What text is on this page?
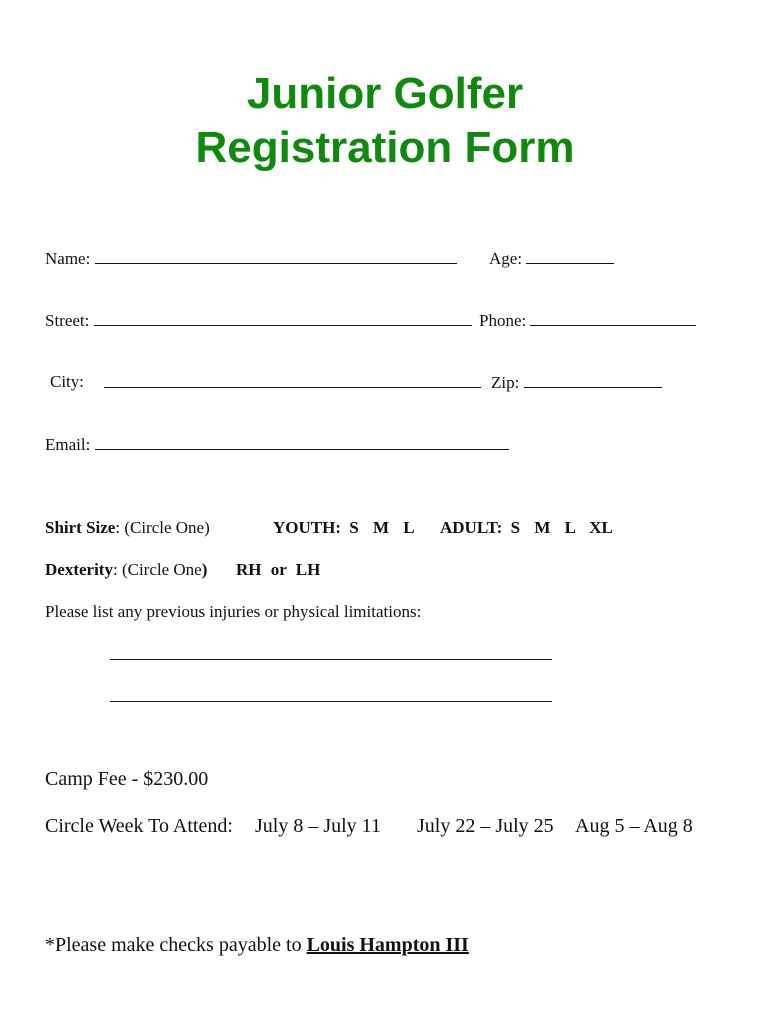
Junior Golfer
Registration Form
Name:	Age:
Street:	Phone:
City:	Zip:
Email:
Shirt Size: (Circle One)	YOUTH: S M L ADULT: S M L XL
Dexterity: (Circle One) RH or LH
Please list any previous injuries or physical limitations:
Camp Fee - $230.00
Circle Week To Attend: July 8 – July 11 July 22 – July 25 Aug 5 – Aug 8
*Please make checks payable to Louis Hampton III
